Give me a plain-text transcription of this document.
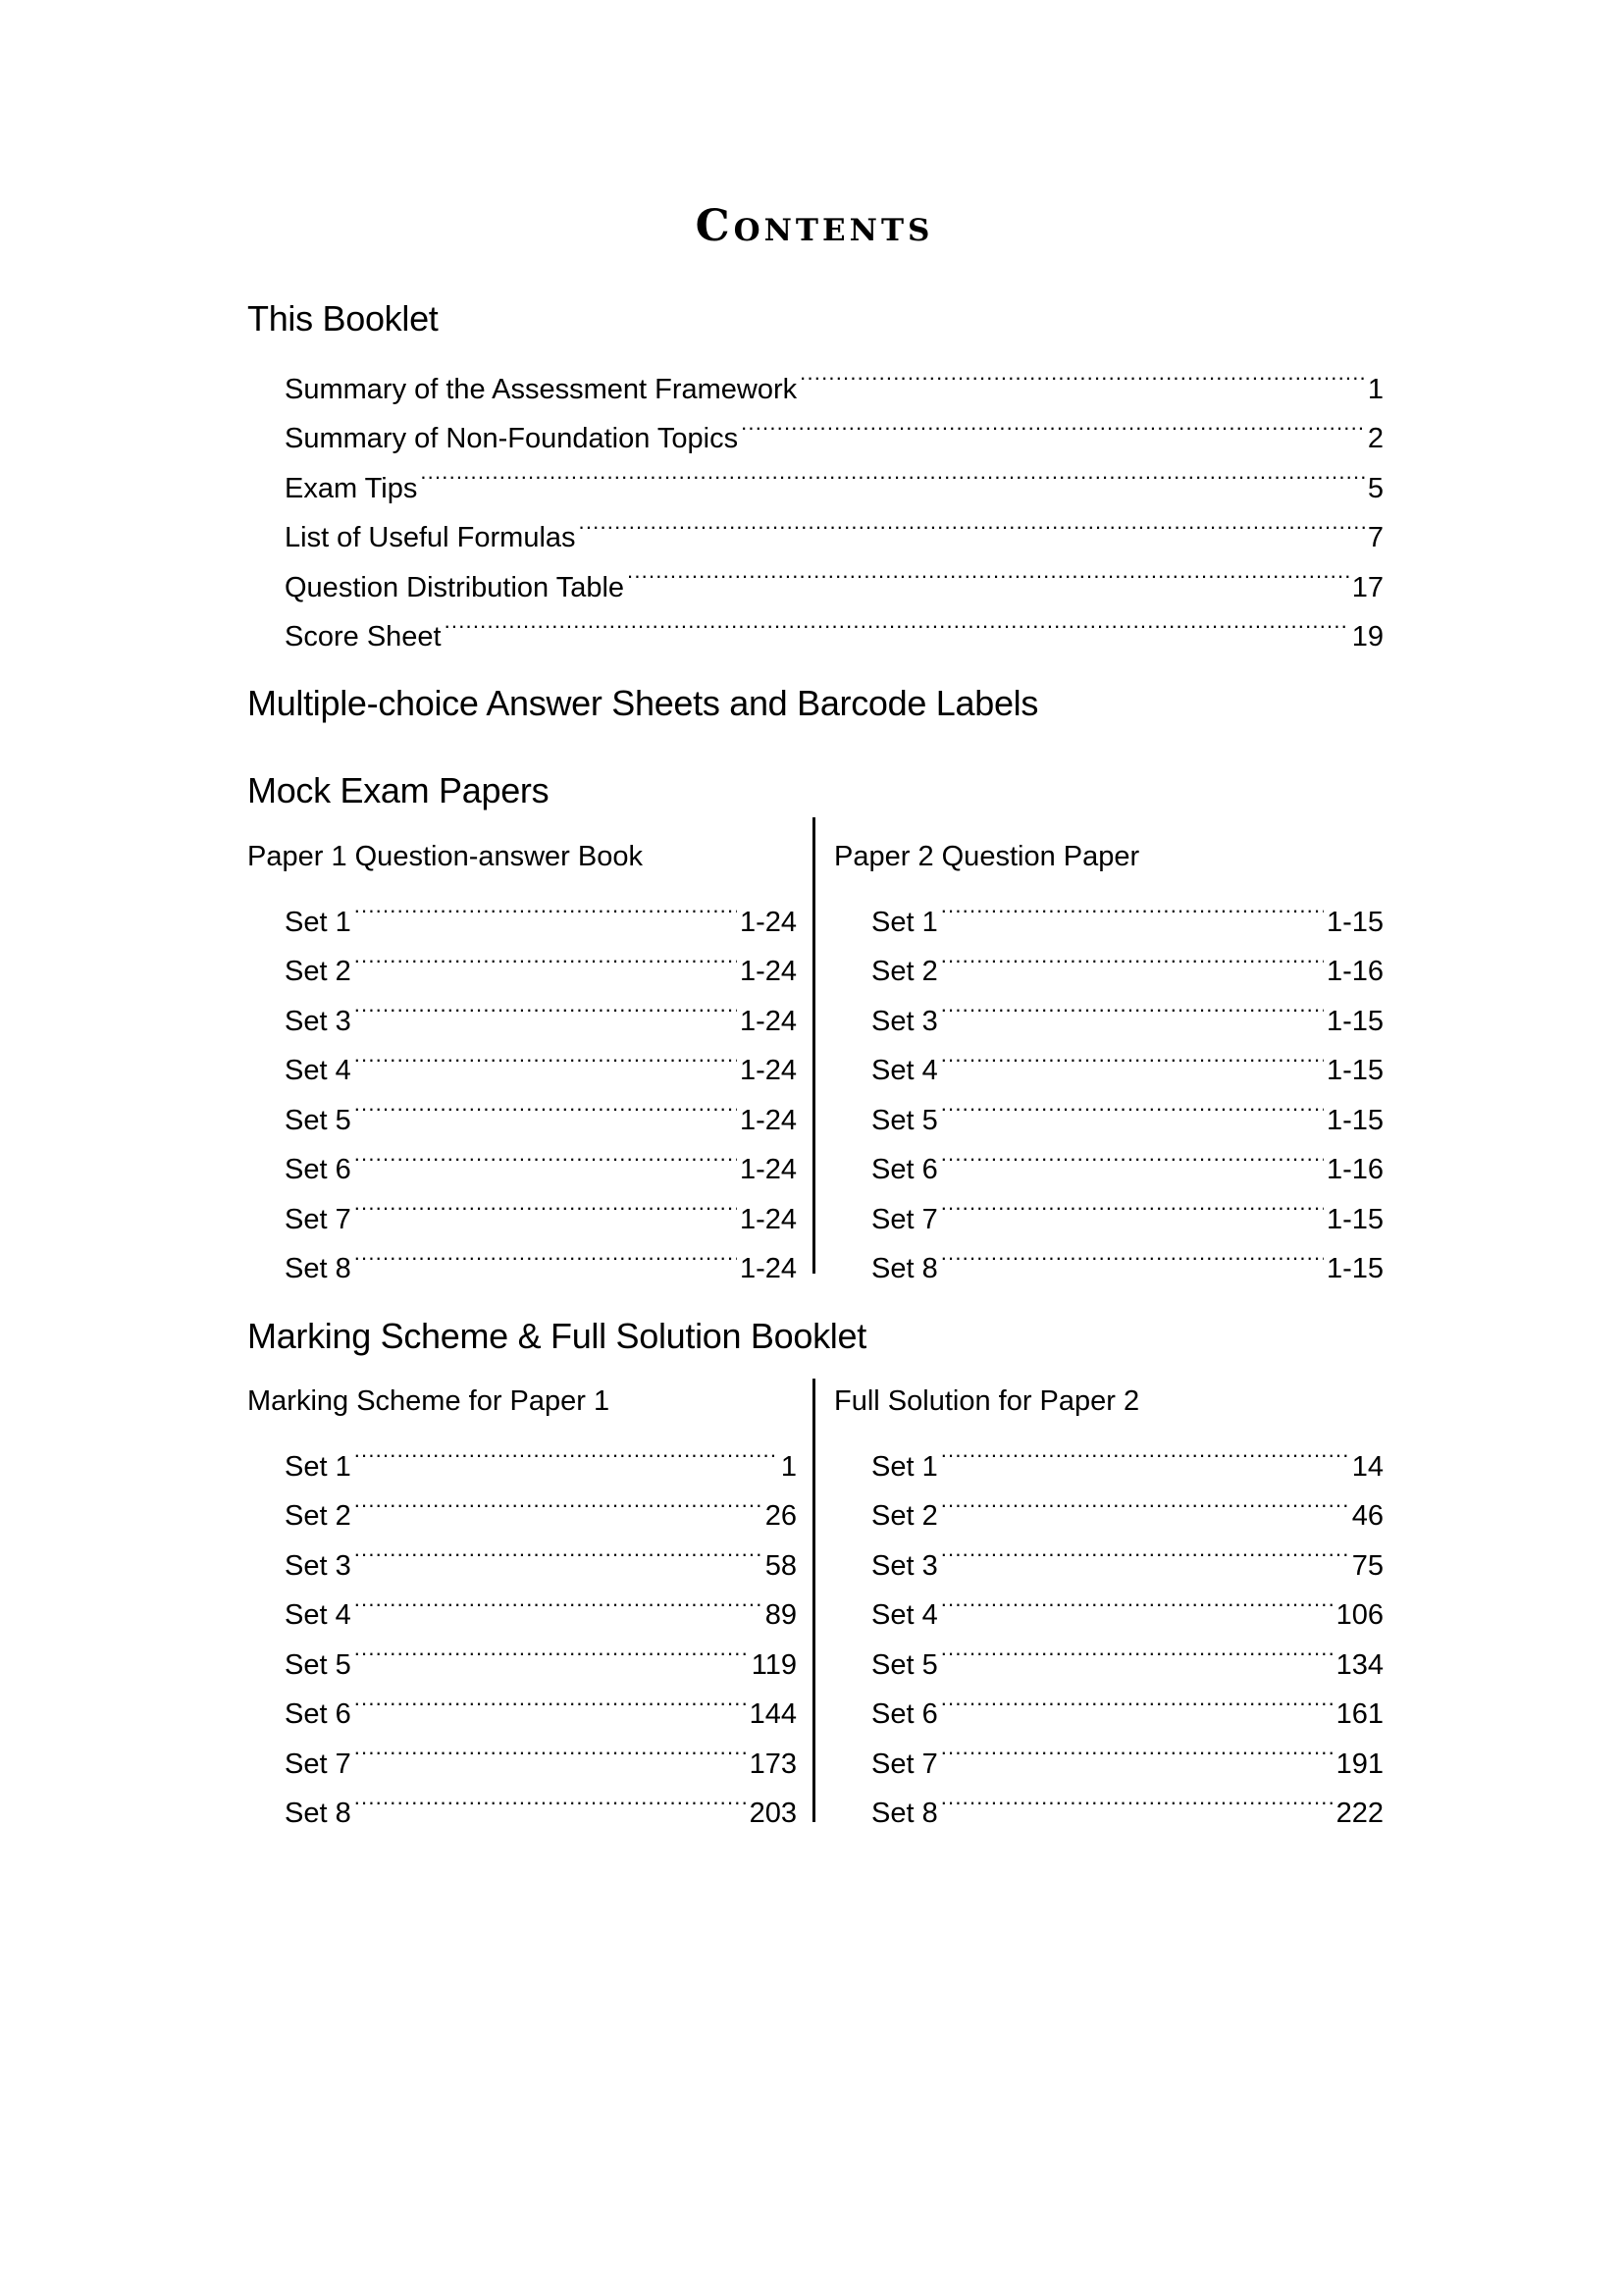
Contents
This Booklet
Summary of the Assessment Framework .....	1
Summary of Non-Foundation Topics .....	2
Exam Tips .....	5
List of Useful Formulas .....	7
Question Distribution Table .....	17
Score Sheet .....	19
Multiple-choice Answer Sheets and Barcode Labels
Mock Exam Papers
Paper 1 Question-answer Book
Set 1 .....	1-24
Set 2 .....	1-24
Set 3 .....	1-24
Set 4 .....	1-24
Set 5 .....	1-24
Set 6 .....	1-24
Set 7 .....	1-24
Set 8 .....	1-24
Paper 2 Question Paper
Set 1 .....	1-15
Set 2 .....	1-16
Set 3 .....	1-15
Set 4 .....	1-15
Set 5 .....	1-15
Set 6 .....	1-16
Set 7 .....	1-15
Set 8 .....	1-15
Marking Scheme & Full Solution Booklet
Marking Scheme for Paper 1
Set 1 .....	1
Set 2 .....	26
Set 3 .....	58
Set 4 .....	89
Set 5 .....	119
Set 6 .....	144
Set 7 .....	173
Set 8 .....	203
Full Solution for Paper 2
Set 1 .....	14
Set 2 .....	46
Set 3 .....	75
Set 4 .....	106
Set 5 .....	134
Set 6 .....	161
Set 7 .....	191
Set 8 .....	222
